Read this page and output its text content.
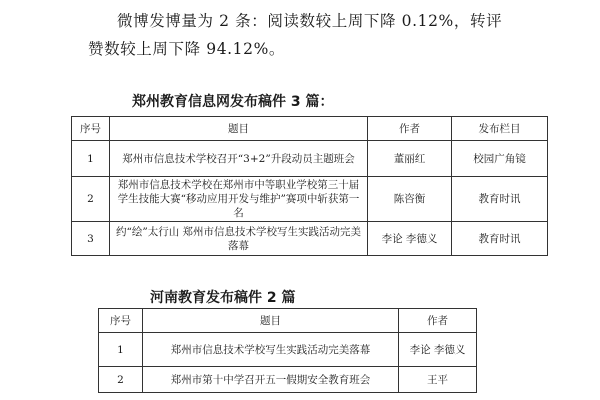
微博发博量为 2 条：阅读数较上周下降 0.12%，转评
赞数较上周下降 94.12%。
郑州教育信息网发布稿件 3 篇：
序号	题目	作者	发布栏目
1	郑州市信息技术学校召开“3+2”升段动员主题班会	董丽红	校园广角镜
2	郑州市信息技术学校在郑州市中等职业学校第三十届学生技能大赛“移动应用开发与维护”赛项中斩获第一名	陈咨衡	教育时讯
3	约“绘”太行山 郑州市信息技术学校写生实践活动完美落幕	李论 李德义	教育时讯
河南教育发布稿件 2 篇
序号	题目	作者
1	郑州市信息技术学校写生实践活动完美落幕	李论 李德义
2	郑州市第十中学召开五一假期安全教育班会	王平
